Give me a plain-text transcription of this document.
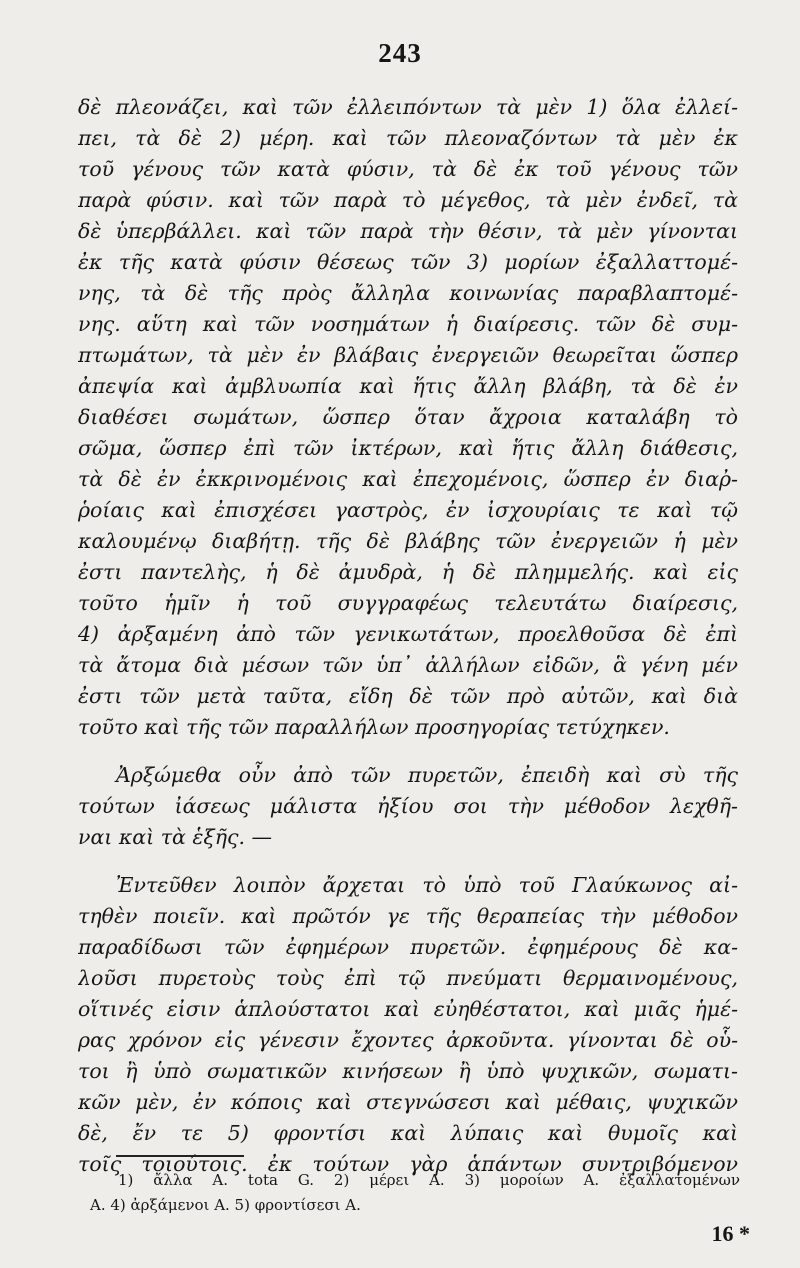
243
δὲ πλεονάζει, καὶ τῶν ἐλλειπόντων τὰ μὲν 1) ὅλα ἐλλεί-
πει, τὰ δὲ 2) μέρη. καὶ τῶν πλεοναζόντων τὰ μὲν ἐκ
τοῦ γένους τῶν κατὰ φύσιν, τὰ δὲ ἐκ τοῦ γένους τῶν
παρὰ φύσιν. καὶ τῶν παρὰ τὸ μέγεθος, τὰ μὲν ἐνδεῖ, τὰ
δὲ ὑπερβάλλει. καὶ τῶν παρὰ τὴν θέσιν, τὰ μὲν γίνονται
ἐκ τῆς κατὰ φύσιν θέσεως τῶν 3) μορίων ἐξαλλαττομέ-
νης, τὰ δὲ τῆς πρὸς ἄλληλα κοινωνίας παραβλαπτομέ-
νης. αὕτη καὶ τῶν νοσημάτων ἡ διαίρεσις. τῶν δὲ συμ-
πτωμάτων, τὰ μὲν ἐν βλάβαις ἐνεργειῶν θεωρεῖται ὥσπερ
ἀπεψία καὶ ἀμβλυωπία καὶ ἥτις ἄλλη βλάβη, τὰ δὲ ἐν
διαθέσει σωμάτων, ὥσπερ ὅταν ἄχροια καταλάβη τὸ
σῶμα, ὥσπερ ἐπὶ τῶν ἰκτέρων, καὶ ἥτις ἄλλη διάθεσις,
τὰ δὲ ἐν ἐκκρινομένοις καὶ ἐπεχομένοις, ὥσπερ ἐν διαῤ-
ῥοίαις καὶ ἐπισχέσει γαστρὸς, ἐν ἰσχουρίαις τε καὶ τῷ
καλουμένῳ διαβήτῃ. τῆς δὲ βλάβης τῶν ἐνεργειῶν ἡ μὲν
ἐστι παντελὴς, ἡ δὲ ἀμυδρὰ, ἡ δὲ πλημμελής. καὶ εἰς
τοῦτο ἡμῖν ἡ τοῦ συγγραφέως τελευτάτω διαίρεσις,
4) ἀρξαμένη ἀπὸ τῶν γενικωτάτων, προελθοῦσα δὲ ἐπὶ
τὰ ἄτομα διὰ μέσων τῶν ὑπ᾽ ἀλλήλων εἰδῶν, ἃ γένη μέν
ἐστι τῶν μετὰ ταῦτα, εἴδη δὲ τῶν πρὸ αὐτῶν, καὶ διὰ
τοῦτο καὶ τῆς τῶν παραλλήλων προσηγορίας τετύχηκεν.
Ἀρξώμεθα οὖν ἀπὸ τῶν πυρετῶν, ἐπειδὴ καὶ σὺ τῆς
τούτων ἰάσεως μάλιστα ἠξίου σοι τὴν μέθοδον λεχθῆ-
ναι καὶ τὰ ἑξῆς. —
Ἐντεῦθεν λοιπὸν ἄρχεται τὸ ὑπὸ τοῦ Γλαύκωνος αἰ-
τηθὲν ποιεῖν. καὶ πρῶτόν γε τῆς θεραπείας τὴν μέθοδον
παραδίδωσι τῶν ἐφημέρων πυρετῶν. ἐφημέρους δὲ κα-
λοῦσι πυρετοὺς τοὺς ἐπὶ τῷ πνεύματι θερμαινομένους,
οἵτινές εἰσιν ἁπλούστατοι καὶ εὐηθέστατοι, καὶ μιᾶς ἡμέ-
ρας χρόνον εἰς γένεσιν ἔχοντες ἀρκοῦντα. γίνονται δὲ οὗ-
τοι ἢ ὑπὸ σωματικῶν κινήσεων ἢ ὑπὸ ψυχικῶν, σωματι-
κῶν μὲν, ἐν κόποις καὶ στεγνώσεσι καὶ μέθαις, ψυχικῶν
δὲ, ἔν τε 5) φροντίσι καὶ λύπαις καὶ θυμοῖς καὶ
τοῖς τοιούτοις. ἐκ τούτων γὰρ ἁπάντων συντριβόμενον
1) ἄλλα A. tota G. 2) μέρει A. 3) μοροίων A. ἐξαλλατομένων
A. 4) ἀρξάμενοι A. 5) φροντίσεσι A.
16 *
